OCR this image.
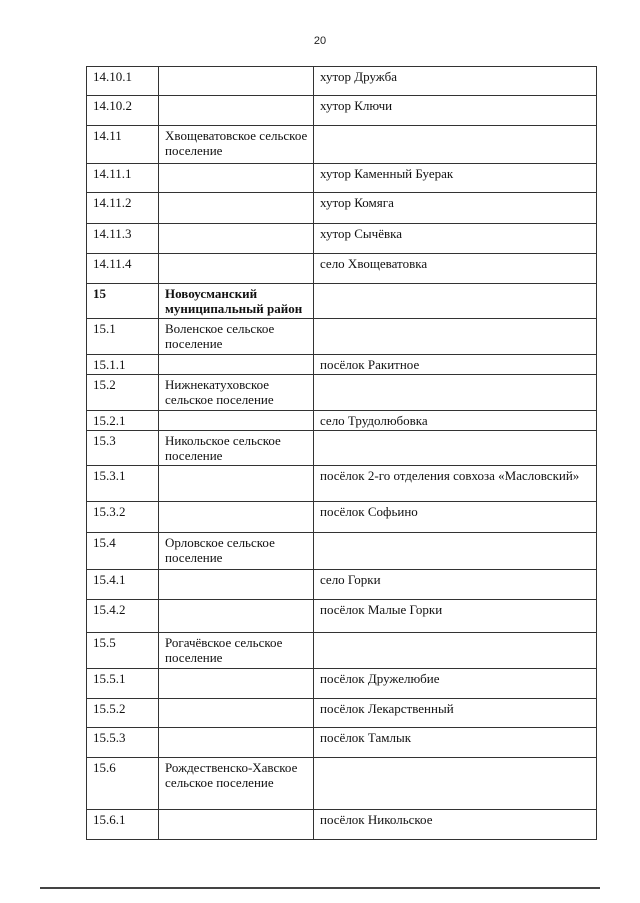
20
14.10.1		хутор Дружба
14.10.2		хутор Ключи
14.11	Хвощеватовское сельское поселение	
14.11.1		хутор Каменный Буерак
14.11.2		хутор Комяга
14.11.3		хутор Сычёвка
14.11.4		село Хвощеватовка
15	Новоусманский муниципальный район	
15.1	Воленское сельское поселение	
15.1.1		посёлок Ракитное
15.2	Нижнекатуховское сельское поселение	
15.2.1		село Трудолюбовка
15.3	Никольское сельское поселение	
15.3.1		посёлок 2-го отделения совхоза «Масловский»
15.3.2		посёлок Софьино
15.4	Орловское сельское поселение	
15.4.1		село Горки
15.4.2		посёлок Малые Горки
15.5	Рогачёвское сельское поселение	
15.5.1		посёлок Дружелюбие
15.5.2		посёлок Лекарственный
15.5.3		посёлок Тамлык
15.6	Рождественско-Хавское сельское поселение	
15.6.1		посёлок Никольское
